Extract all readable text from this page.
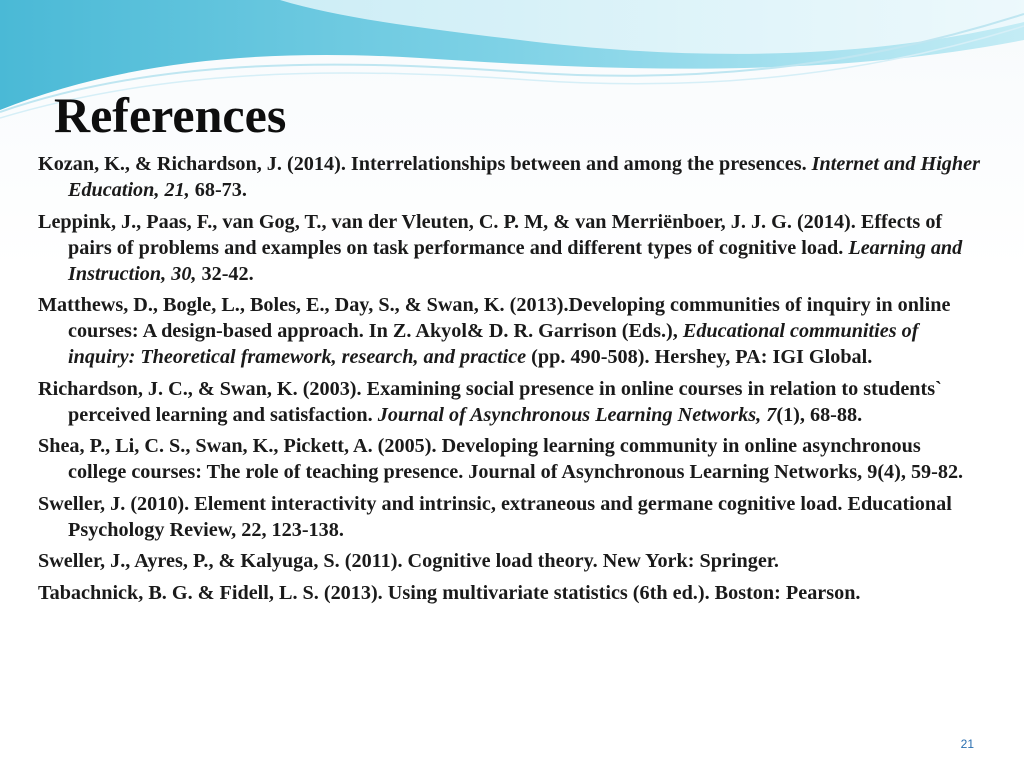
References
Kozan, K., & Richardson, J. (2014). Interrelationships between and among the presences. Internet and Higher Education, 21, 68-73.
Leppink, J., Paas, F., van Gog, T., van der Vleuten, C. P. M, & van Merriënboer, J. J. G. (2014). Effects of pairs of problems and examples on task performance and different types of cognitive load. Learning and Instruction, 30, 32-42.
Matthews, D., Bogle, L., Boles, E., Day, S., & Swan, K. (2013).Developing communities of inquiry in online courses: A design-based approach. In Z. Akyol& D. R. Garrison (Eds.), Educational communities of inquiry: Theoretical framework, research, and practice (pp. 490-508). Hershey, PA: IGI Global.
Richardson, J. C., & Swan, K. (2003). Examining social presence in online courses in relation to students` perceived learning and satisfaction. Journal of Asynchronous Learning Networks, 7(1), 68-88.
Shea, P., Li, C. S., Swan, K., Pickett, A. (2005). Developing learning community in online asynchronous college courses: The role of teaching presence. Journal of Asynchronous Learning Networks, 9(4), 59-82.
Sweller, J. (2010). Element interactivity and intrinsic, extraneous and germane cognitive load. Educational Psychology Review, 22, 123-138.
Sweller, J., Ayres, P., & Kalyuga, S. (2011). Cognitive load theory. New York: Springer.
Tabachnick, B. G. & Fidell, L. S. (2013). Using multivariate statistics (6th ed.). Boston: Pearson.
21
